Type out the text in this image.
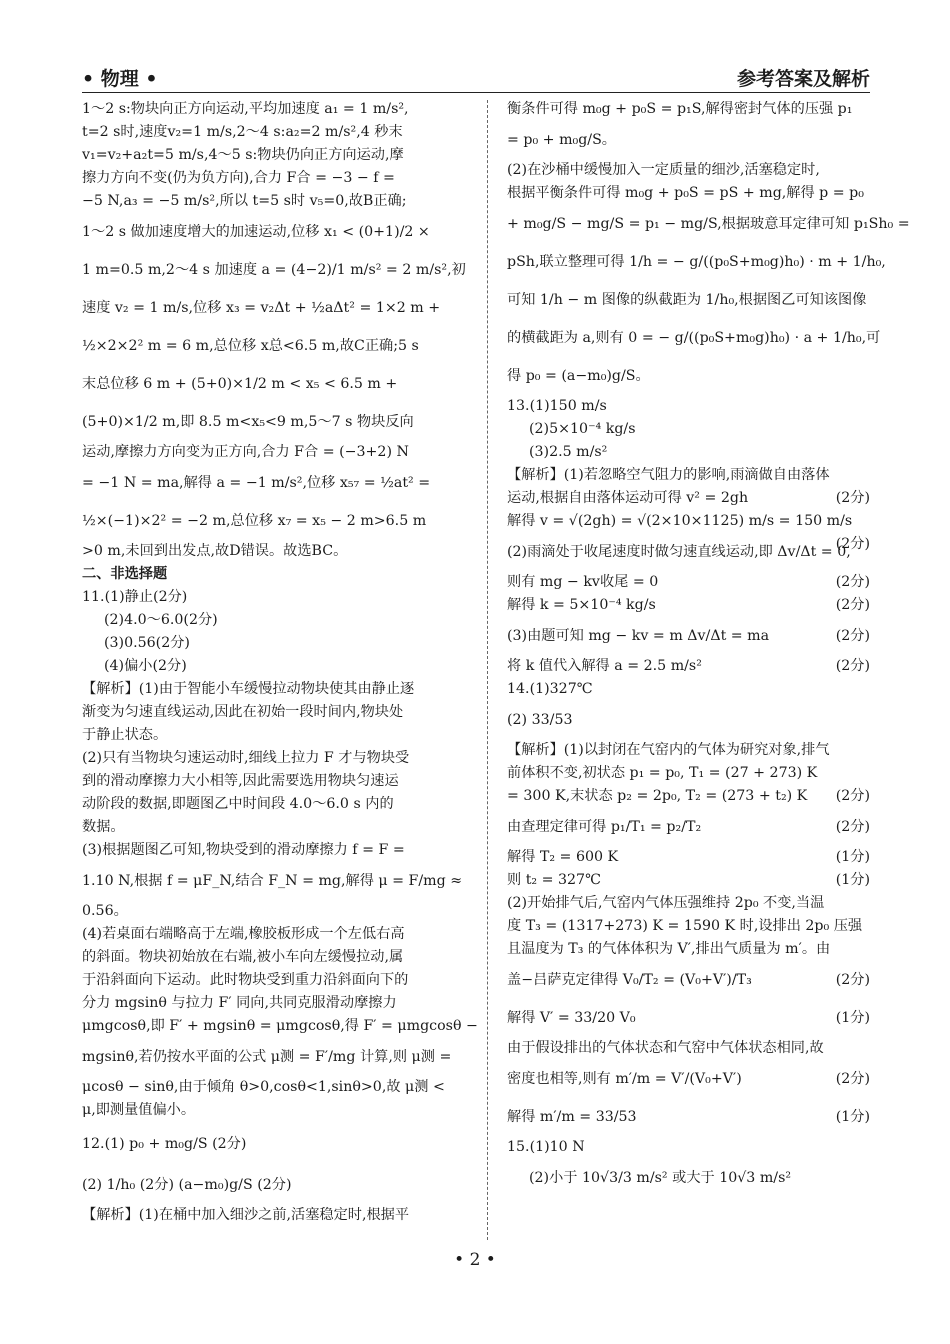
• 物理 •	参考答案及解析

1～2 s:物块向正方向运动,平均加速度 a₁ = 1 m/s²,

t=2 s时,速度v₂=1 m/s,2～4 s:a₂=2 m/s²,4 秒末

v₁=v₂+a₂t=5 m/s,4～5 s:物块仍向正方向运动,摩

擦力方向不变(仍为负方向),合力 F合 = −3 − f =

−5 N,a₃ = −5 m/s²,所以 t=5 s时 v₅=0,故B正确;

1～2 s 做加速度增大的加速运动,位移 x₁ < (0+1)/2 ×

1 m=0.5 m,2～4 s 加速度 a = (4−2)/1 m/s² = 2 m/s²,初

速度 v₂ = 1 m/s,位移 x₃ = v₂Δt + ½aΔt² = 1×2 m +

½×2×2² m = 6 m,总位移 x总<6.5 m,故C正确;5 s

末总位移 6 m + (5+0)×1/2 m < x₅ < 6.5 m +

(5+0)×1/2 m,即 8.5 m<x₅<9 m,5～7 s 物块反向

运动,摩擦力方向变为正方向,合力 F合 = (−3+2) N

= −1 N = ma,解得 a = −1 m/s²,位移 x₅₇ = ½at² =

½×(−1)×2² = −2 m,总位移 x₇ = x₅ − 2 m>6.5 m

>0 m,未回到出发点,故D错误。故选BC。

二、非选择题

11.(1)静止(2分)

(2)4.0～6.0(2分)

(3)0.56(2分)

(4)偏小(2分)

【解析】(1)由于智能小车缓慢拉动物块使其由静止逐

渐变为匀速直线运动,因此在初始一段时间内,物块处

于静止状态。

(2)只有当物块匀速运动时,细线上拉力 F 才与物块受

到的滑动摩擦力大小相等,因此需要选用物块匀速运

动阶段的数据,即题图乙中时间段 4.0～6.0 s 内的

数据。

(3)根据题图乙可知,物块受到的滑动摩擦力 f = F =

1.10 N,根据 f = μF_N,结合 F_N = mg,解得 μ = F/mg ≈

0.56。

(4)若桌面右端略高于左端,橡胶板形成一个左低右高

的斜面。物块初始放在右端,被小车向左缓慢拉动,属

于沿斜面向下运动。此时物块受到重力沿斜面向下的

分力 mgsinθ 与拉力 F′ 同向,共同克服滑动摩擦力

μmgcosθ,即 F′ + mgsinθ = μmgcosθ,得 F′ = μmgcosθ −

mgsinθ,若仍按水平面的公式 μ测 = F′/mg 计算,则 μ测 =

μcosθ − sinθ,由于倾角 θ>0,cosθ<1,sinθ>0,故 μ测 <

μ,即测量值偏小。

12.(1) p₀ + m₀g/S (2分)

(2) 1/h₀ (2分) (a−m₀)g/S (2分)

【解析】(1)在桶中加入细沙之前,活塞稳定时,根据平

衡条件可得 m₀g + p₀S = p₁S,解得密封气体的压强 p₁

= p₀ + m₀g/S。

(2)在沙桶中缓慢加入一定质量的细沙,活塞稳定时,

根据平衡条件可得 m₀g + p₀S = pS + mg,解得 p = p₀

+ m₀g/S − mg/S = p₁ − mg/S,根据玻意耳定律可知 p₁Sh₀ =

pSh,联立整理可得 1/h = − g/((p₀S+m₀g)h₀) · m + 1/h₀,

可知 1/h − m 图像的纵截距为 1/h₀,根据图乙可知该图像

的横截距为 a,则有 0 = − g/((p₀S+m₀g)h₀) · a + 1/h₀,可

得 p₀ = (a−m₀)g/S。

13.(1)150 m/s

(2)5×10⁻⁴ kg/s

(3)2.5 m/s²

【解析】(1)若忽略空气阻力的影响,雨滴做自由落体

运动,根据自由落体运动可得 v² = 2gh	(2分)

解得 v = √(2gh) = √(2×10×1125) m/s = 150 m/s
(2分)

(2)雨滴处于收尾速度时做匀速直线运动,即 Δv/Δt = 0,

则有 mg − kv收尾 = 0	(2分)

解得 k = 5×10⁻⁴ kg/s	(2分)

(3)由题可知 mg − kv = m Δv/Δt = ma	(2分)

将 k 值代入解得 a = 2.5 m/s²	(2分)

14.(1)327℃

(2) 33/53

【解析】(1)以封闭在气窑内的气体为研究对象,排气

前体积不变,初状态 p₁ = p₀, T₁ = (27 + 273) K

= 300 K,末状态 p₂ = 2p₀, T₂ = (273 + t₂) K (2分)

由查理定律可得 p₁/T₁ = p₂/T₂	(2分)

解得 T₂ = 600 K	(1分)

则 t₂ = 327℃	(1分)

(2)开始排气后,气窑内气体压强维持 2p₀ 不变,当温

度 T₃ = (1317+273) K = 1590 K 时,设排出 2p₀ 压强

且温度为 T₃ 的气体体积为 V′,排出气质量为 m′。由

盖−吕萨克定律得 V₀/T₂ = (V₀+V′)/T₃	(2分)

解得 V′ = 33/20 V₀	(1分)

由于假设排出的气体状态和气窑中气体状态相同,故

密度也相等,则有 m′/m = V′/(V₀+V′)	(2分)

解得 m′/m = 33/53	(1分)

15.(1)10 N

(2)小于 10√3/3 m/s² 或大于 10√3 m/s²

• 2 •
